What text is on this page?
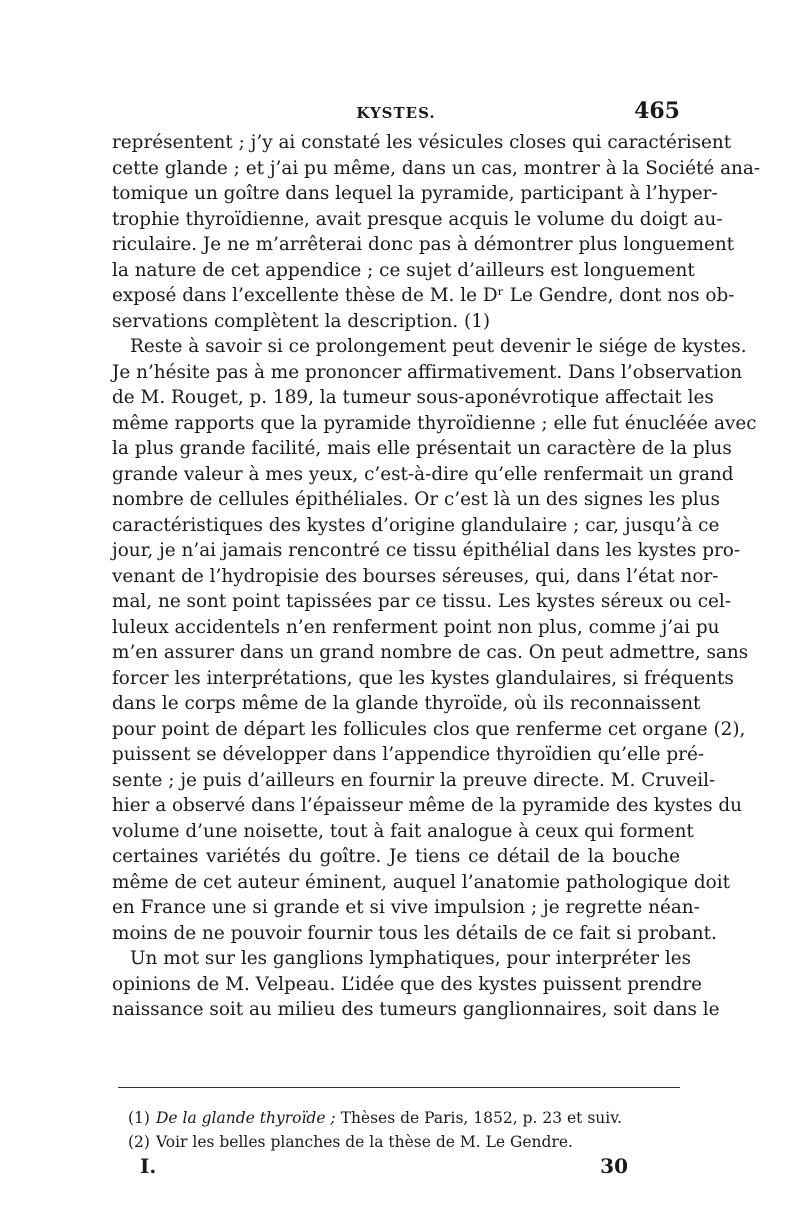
KYSTES.	465
représentent ; j’y ai constaté les vésicules closes qui caractérisent
cette glande ; et j’ai pu même, dans un cas, montrer à la Société ana-
tomique un goître dans lequel la pyramide, participant à l’hyper-
trophie thyroïdienne, avait presque acquis le volume du doigt au-
riculaire. Je ne m’arrêterai donc pas à démontrer plus longuement
la nature de cet appendice ; ce sujet d’ailleurs est longuement
exposé dans l’excellente thèse de M. le Dʳ Le Gendre, dont nos ob-
servations complètent la description. (1)
Reste à savoir si ce prolongement peut devenir le siége de kystes.
Je n’hésite pas à me prononcer affirmativement. Dans l’observation
de M. Rouget, p. 189, la tumeur sous-aponévrotique affectait les
même rapports que la pyramide thyroïdienne ; elle fut énucléée avec
la plus grande facilité, mais elle présentait un caractère de la plus
grande valeur à mes yeux, c’est-à-dire qu’elle renfermait un grand
nombre de cellules épithéliales. Or c’est là un des signes les plus
caractéristiques des kystes d’origine glandulaire ; car, jusqu’à ce
jour, je n’ai jamais rencontré ce tissu épithélial dans les kystes pro-
venant de l’hydropisie des bourses séreuses, qui, dans l’état nor-
mal, ne sont point tapissées par ce tissu. Les kystes séreux ou cel-
luleux accidentels n’en renferment point non plus, comme j’ai pu
m’en assurer dans un grand nombre de cas. On peut admettre, sans
forcer les interprétations, que les kystes glandulaires, si fréquents
dans le corps même de la glande thyroïde, où ils reconnaissent
pour point de départ les follicules clos que renferme cet organe (2),
puissent se développer dans l’appendice thyroïdien qu’elle pré-
sente ; je puis d’ailleurs en fournir la preuve directe. M. Cruveil-
hier a observé dans l’épaisseur même de la pyramide des kystes du
volume d’une noisette, tout à fait analogue à ceux qui forment
certaines variétés du goître. Je tiens ce détail de la bouche
même de cet auteur éminent, auquel l’anatomie pathologique doit
en France une si grande et si vive impulsion ; je regrette néan-
moins de ne pouvoir fournir tous les détails de ce fait si probant.
Un mot sur les ganglions lymphatiques, pour interpréter les
opinions de M. Velpeau. L’idée que des kystes puissent prendre
naissance soit au milieu des tumeurs ganglionnaires, soit dans le
(1) De la glande thyroïde ; Thèses de Paris, 1852, p. 23 et suiv.
(2) Voir les belles planches de la thèse de M. Le Gendre.
I.	30
